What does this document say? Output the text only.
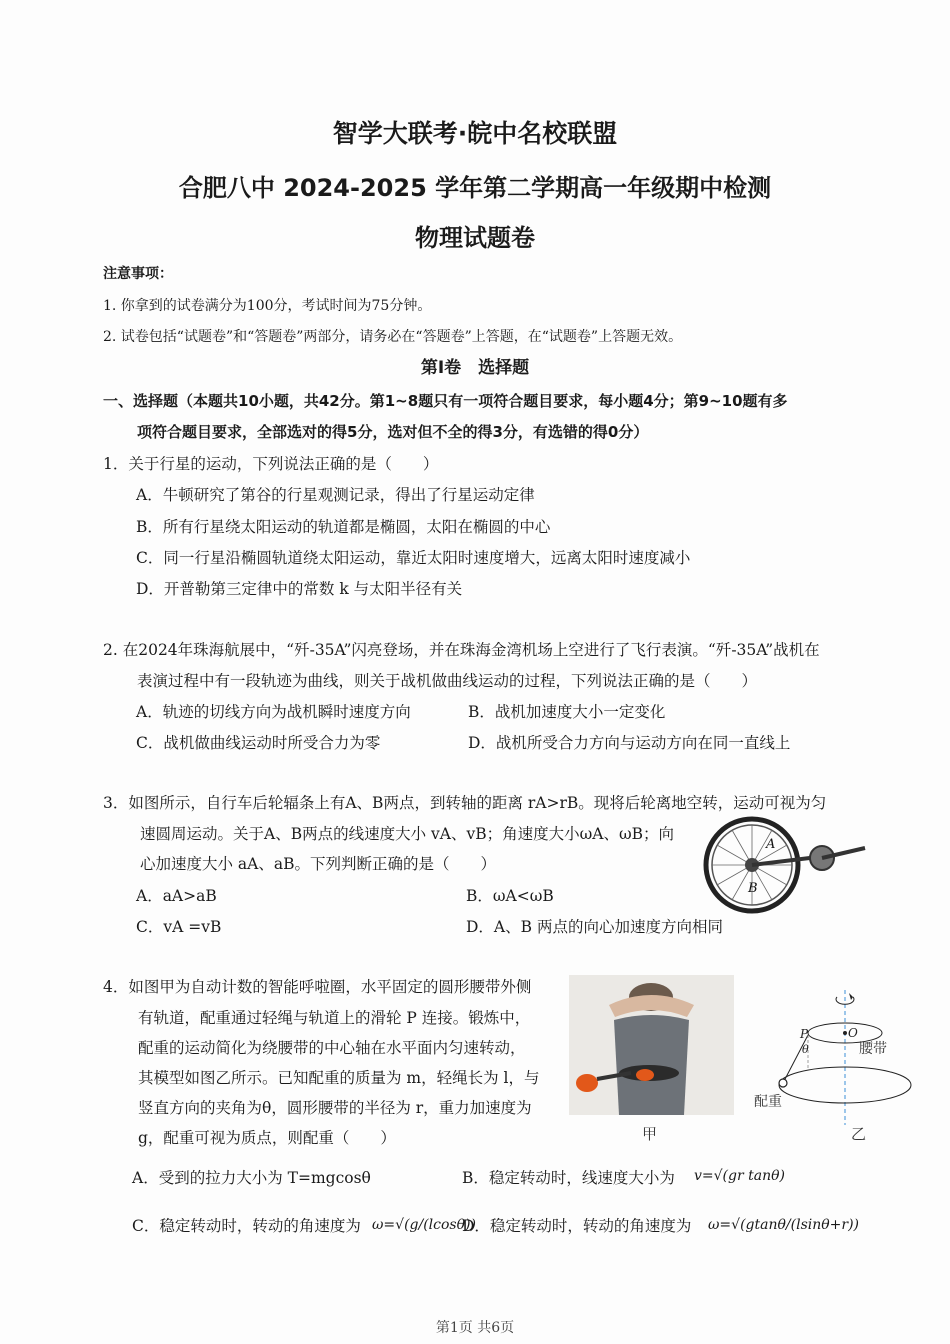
智学大联考·皖中名校联盟
合肥八中 2024-2025 学年第二学期高一年级期中检测
物理试题卷
注意事项：
1. 你拿到的试卷满分为100分，考试时间为75分钟。
2. 试卷包括“试题卷”和“答题卷”两部分，请务必在“答题卷”上答题，在“试题卷”上答题无效。
第Ⅰ卷　选择题
一、选择题（本题共10小题，共42分。第1~8题只有一项符合题目要求，每小题4分；第9~10题有多
项符合题目要求，全部选对的得5分，选对但不全的得3分，有选错的得0分）
1．关于行星的运动，下列说法正确的是（　　）
A．牛顿研究了第谷的行星观测记录，得出了行星运动定律
B．所有行星绕太阳运动的轨道都是椭圆，太阳在椭圆的中心
C．同一行星沿椭圆轨道绕太阳运动，靠近太阳时速度增大，远离太阳时速度减小
D．开普勒第三定律中的常数 k 与太阳半径有关
2. 在2024年珠海航展中，“歼-35A”闪亮登场，并在珠海金湾机场上空进行了飞行表演。“歼-35A”战机在
表演过程中有一段轨迹为曲线，则关于战机做曲线运动的过程，下列说法正确的是（　　）
A．轨迹的切线方向为战机瞬时速度方向	B．战机加速度大小一定变化
C．战机做曲线运动时所受合力为零	D．战机所受合力方向与运动方向在同一直线上
3．如图所示，自行车后轮辐条上有A、B两点，到转轴的距离 rA>rB。现将后轮离地空转，运动可视为匀
速圆周运动。关于A、B两点的线速度大小 vA、vB；角速度大小ωA、ωB；向
心加速度大小 aA、aB。下列判断正确的是（　　）
A．aA>aB	B．ωA<ωB
C．vA =vB	D．A、B 两点的向心加速度方向相同
A
B
4．如图甲为自动计数的智能呼啦圈，水平固定的圆形腰带外侧
有轨道，配重通过轻绳与轨道上的滑轮 P 连接。锻炼中，
配重的运动简化为绕腰带的中心轴在水平面内匀速转动，
其模型如图乙所示。已知配重的质量为 m，轻绳长为 l，与
竖直方向的夹角为θ，圆形腰带的半径为 r，重力加速度为
g，配重可视为质点，则配重（　　）	甲
P	O
θ	腰带
配重
乙
A．受到的拉力大小为 T=mgcosθ	B．稳定转动时，线速度大小为 v=√(gr tanθ)
C．稳定转动时，转动的角速度为 ω=√(g/(lcosθ))
D．稳定转动时，转动的角速度为 ω=√(gtanθ/(lsinθ+r))
第1页 共6页
